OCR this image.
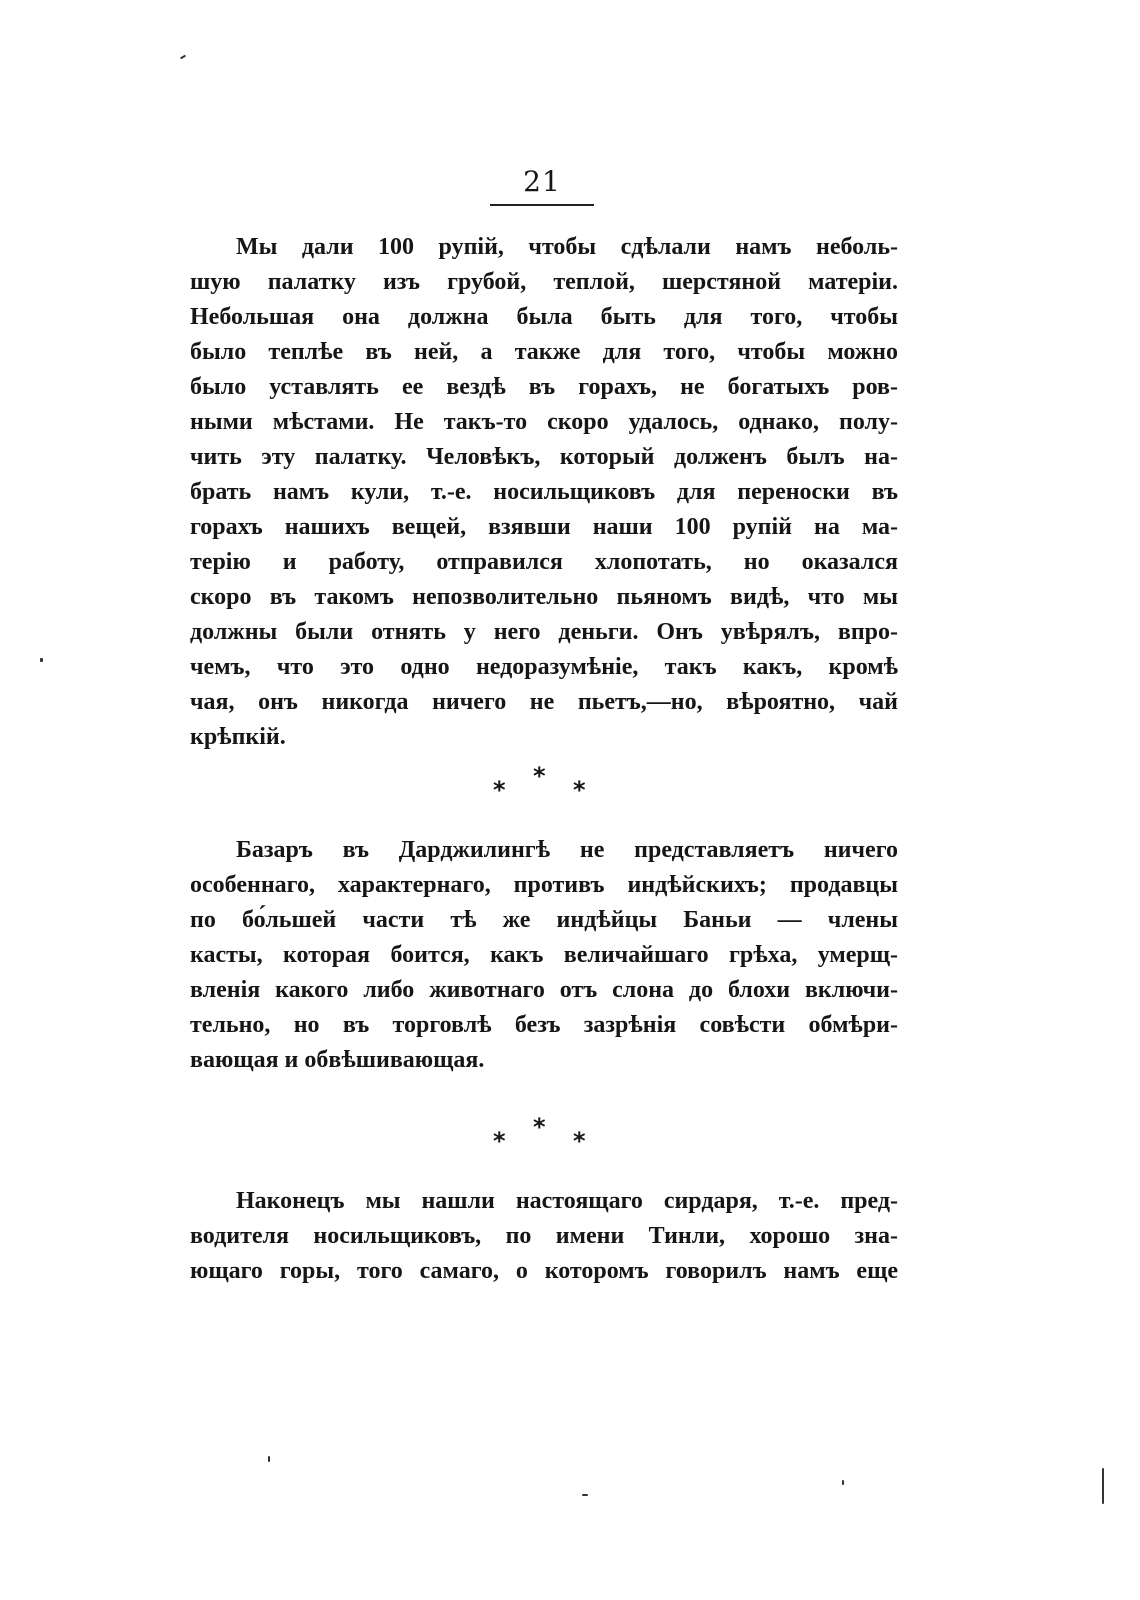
21
Мы дали 100 рупій, чтобы сдѣлали намъ неболь-
шую палатку изъ грубой, теплой, шерстяной матеріи.
Небольшая она должна была быть для того, чтобы
было теплѣе въ ней, а также для того, чтобы можно
было уставлять ее вездѣ въ горахъ, не богатыхъ ров-
ными мѣстами. Не такъ-то скоро удалось, однако, полу-
чить эту палатку. Человѣкъ, который долженъ былъ на-
брать намъ кули, т.-е. носильщиковъ для переноски въ
горахъ нашихъ вещей, взявши наши 100 рупій на ма-
терію и работу, отправился хлопотать, но оказался
скоро въ такомъ непозволительно пьяномъ видѣ, что мы
должны были отнять у него деньги. Онъ увѣрялъ, впро-
чемъ, что это одно недоразумѣніе, такъ какъ, кромѣ
чая, онъ никогда ничего не пьетъ,—но, вѣроятно, чай
крѣпкій.
* * *
Базаръ въ Дарджилингѣ не представляетъ ничего
особеннаго, характернаго, противъ индѣйскихъ; продавцы
по бо́льшей части тѣ же индѣйцы Баньи — члены
касты, которая боится, какъ величайшаго грѣха, умерщ-
вленія какого либо животнаго отъ слона до блохи включи-
тельно, но въ торговлѣ безъ зазрѣнія совѣсти обмѣри-
вающая и обвѣшивающая.
* * *
Наконецъ мы нашли настоящаго сирдаря, т.-е. пред-
водителя носильщиковъ, по имени Тинли, хорошо зна-
ющаго горы, того самаго, о которомъ говорилъ намъ еще
